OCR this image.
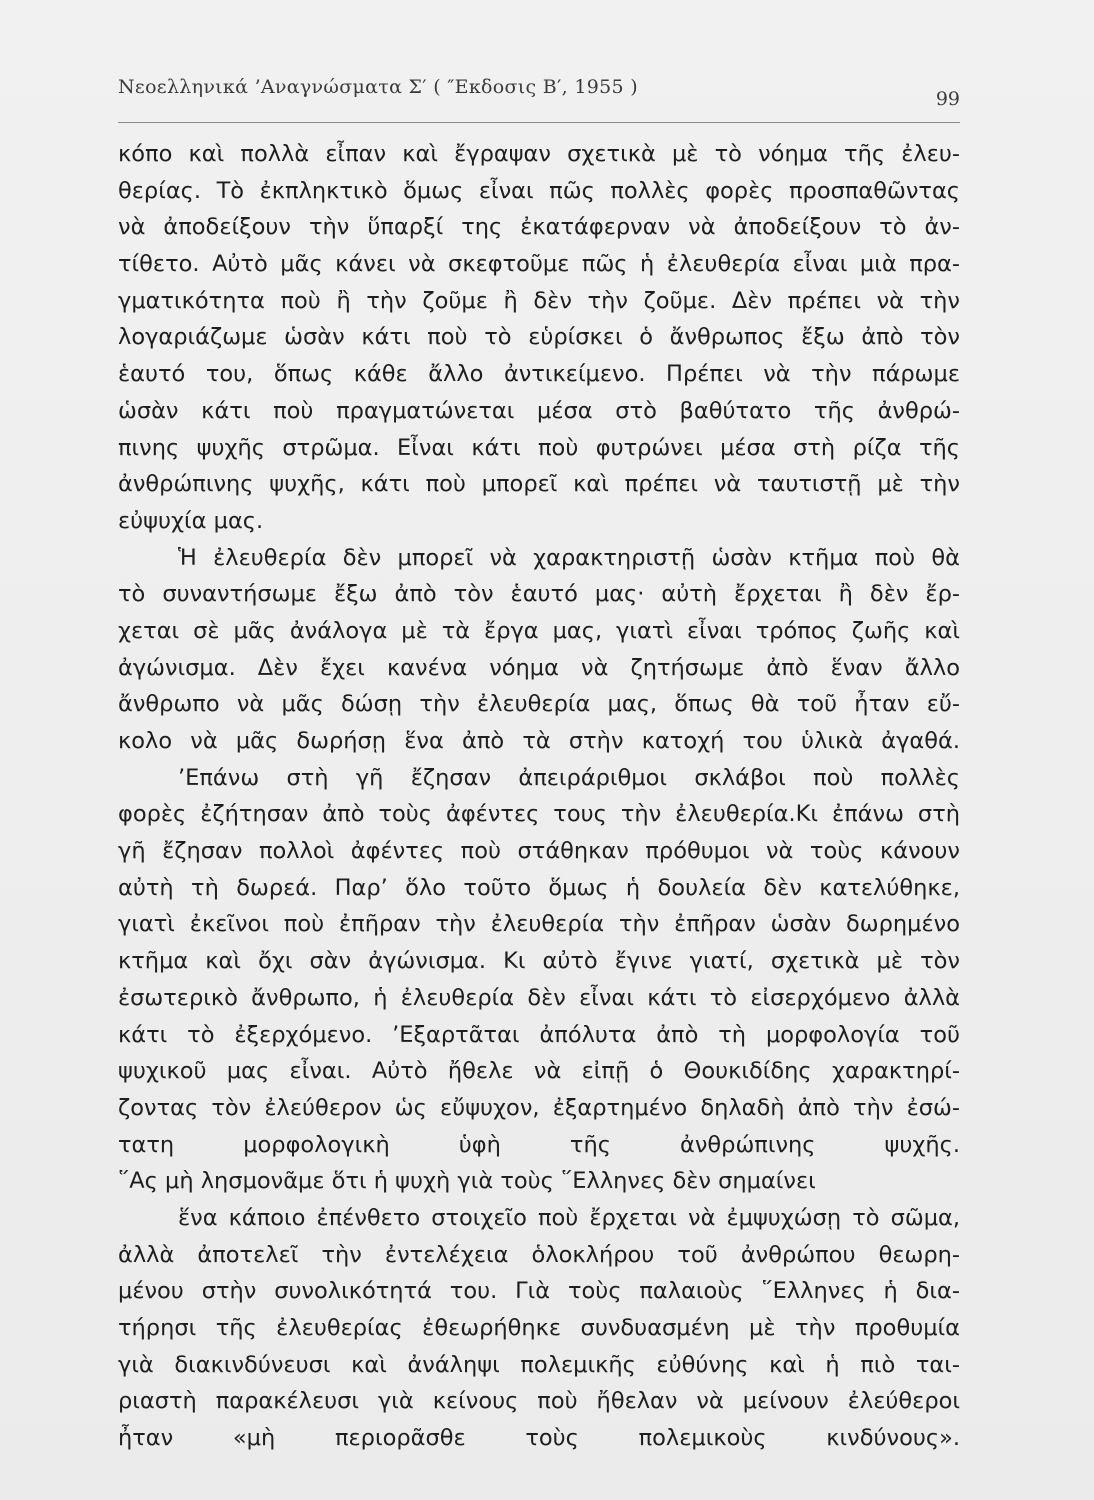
Νεοελληνικά ’Αναγνώσματα Σ′ ( ″Εκδοσις Β′, 1955 )
99
κόπο καὶ πολλὰ εἶπαν καὶ ἔγραψαν σχετικὰ μὲ τὸ νόημα τῆς ἐλευ-
θερίας. Τὸ ἐκπληκτικὸ ὅμως εἶναι πῶς πολλὲς φορὲς προσπαθῶντας
νὰ ἀποδείξουν τὴν ὕπαρξί της ἐκατάφερναν νὰ ἀποδείξουν τὸ ἀν-
τίθετο. Αὐτὸ μᾶς κάνει νὰ σκεφτοῦμε πῶς ἡ ἐλευθερία εἶναι μιὰ πρα-
γματικότητα ποὺ ἢ τὴν ζοῦμε ἢ δὲν τὴν ζοῦμε. Δὲν πρέπει νὰ τὴν
λογαριάζωμε ὡσὰν κάτι ποὺ τὸ εὑρίσκει ὁ ἄνθρωπος ἔξω ἀπὸ τὸν
ἑαυτό του, ὅπως κάθε ἄλλο ἀντικείμενο. Πρέπει νὰ τὴν πάρωμε
ὡσὰν κάτι ποὺ πραγματώνεται μέσα στὸ βαθύτατο τῆς ἀνθρώ-
πινης ψυχῆς στρῶμα. Εἶναι κάτι ποὺ φυτρώνει μέσα στὴ ρίζα τῆς
ἀνθρώπινης ψυχῆς, κάτι ποὺ μπορεῖ καὶ πρέπει νὰ ταυτιστῇ μὲ τὴν
εὐψυχία μας.
Ἡ ἐλευθερία δὲν μπορεῖ νὰ χαρακτηριστῇ ὡσὰν κτῆμα ποὺ θὰ
τὸ συναντήσωμε ἔξω ἀπὸ τὸν ἑαυτό μας· αὐτὴ ἔρχεται ἢ δὲν ἔρ-
χεται σὲ μᾶς ἀνάλογα μὲ τὰ ἔργα μας, γιατὶ εἶναι τρόπος ζωῆς καὶ
ἀγώνισμα. Δὲν ἔχει κανένα νόημα νὰ ζητήσωμε ἀπὸ ἕναν ἄλλο
ἄνθρωπο νὰ μᾶς δώσῃ τὴν ἐλευθερία μας, ὅπως θὰ τοῦ ἦταν εὔ-
κολο νὰ μᾶς δωρήσῃ ἕνα ἀπὸ τὰ στὴν κατοχή του ὑλικὰ ἀγαθά.
’Επάνω στὴ γῆ ἔζησαν ἀπειράριθμοι σκλάβοι ποὺ πολλὲς
φορὲς ἐζήτησαν ἀπὸ τοὺς ἀφέντες τους τὴν ἐλευθερία.Κι ἐπάνω στὴ
γῆ ἔζησαν πολλοὶ ἀφέντες ποὺ στάθηκαν πρόθυμοι νὰ τοὺς κάνουν
αὐτὴ τὴ δωρεά. Παρ’ ὅλο τοῦτο ὅμως ἡ δουλεία δὲν κατελύθηκε,
γιατὶ ἐκεῖνοι ποὺ ἐπῆραν τὴν ἐλευθερία τὴν ἐπῆραν ὡσὰν δωρημένο
κτῆμα καὶ ὄχι σὰν ἀγώνισμα. Κι αὐτὸ ἔγινε γιατί, σχετικὰ μὲ τὸν
ἐσωτερικὸ ἄνθρωπο, ἡ ἐλευθερία δὲν εἶναι κάτι τὸ εἰσερχόμενο ἀλλὰ
κάτι τὸ ἐξερχόμενο. ’Εξαρτᾶται ἀπόλυτα ἀπὸ τὴ μορφολογία τοῦ
ψυχικοῦ μας εἶναι. Αὐτὸ ἤθελε νὰ εἰπῇ ὁ Θουκιδίδης χαρακτηρί-
ζοντας τὸν ἐλεύθερον ὡς εὔψυχον, ἐξαρτημένο δηλαδὴ ἀπὸ τὴν ἐσώ-
τατη μορφολογικὴ ὑφὴ τῆς ἀνθρώπινης ψυχῆς.
῞Ας μὴ λησμονᾶμε ὅτι ἡ ψυχὴ γιὰ τοὺς ῞Ελληνες δὲν σημαίνει
ἕνα κάποιο ἐπένθετο στοιχεῖο ποὺ ἔρχεται νὰ ἐμψυχώσῃ τὸ σῶμα,
ἀλλὰ ἀποτελεῖ τὴν ἐντελέχεια ὁλοκλήρου τοῦ ἀνθρώπου θεωρη-
μένου στὴν συνολικότητά του. Γιὰ τοὺς παλαιοὺς ῞Ελληνες ἡ δια-
τήρησι τῆς ἐλευθερίας ἐθεωρήθηκε συνδυασμένη μὲ τὴν προθυμία
γιὰ διακινδύνευσι καὶ ἀνάληψι πολεμικῆς εὐθύνης καὶ ἡ πιὸ ται-
ριαστὴ παρακέλευσι γιὰ κείνους ποὺ ἤθελαν νὰ μείνουν ἐλεύθεροι
ἦταν «μὴ περιορᾶσθε τοὺς πολεμικοὺς κινδύνους».
